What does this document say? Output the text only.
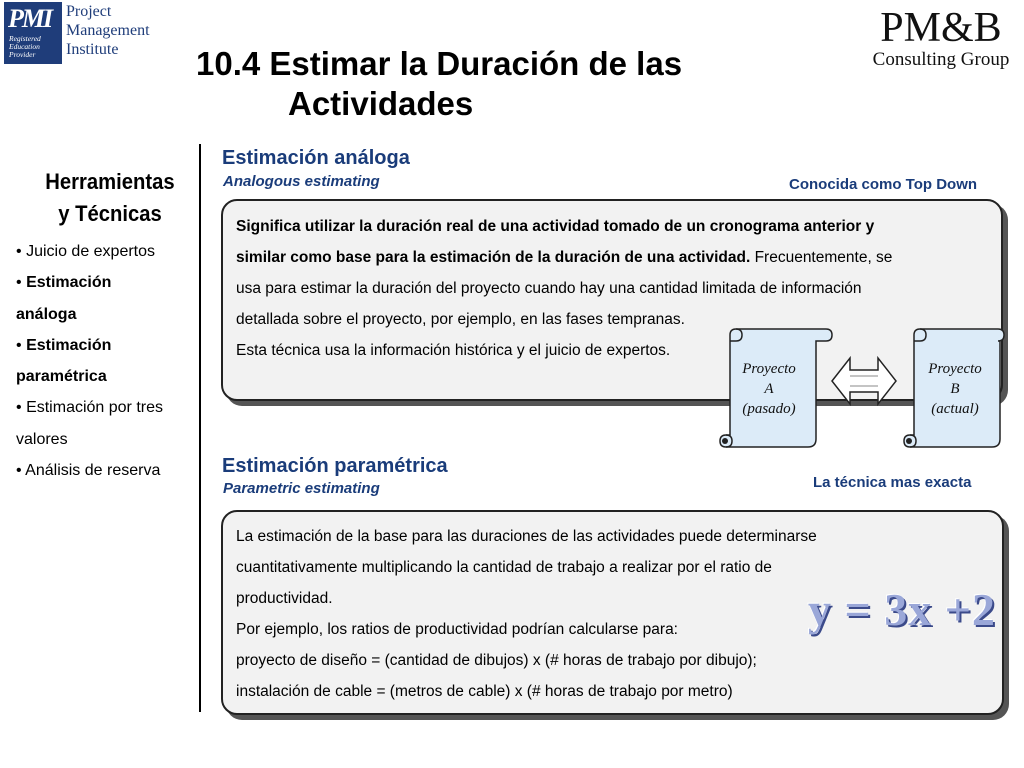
PMI
Registered
Education
Provider
Project
Management
Institute	PM&B
Consulting Group
10.4 Estimar la Duración de las
Actividades
Herramientas
y Técnicas
• Juicio de expertos
• Estimación
análoga
• Estimación
paramétrica
• Estimación por tres
valores
• Análisis de reserva
Estimación análoga
Analogous estimating	Conocida como Top Down

Significa utilizar la duración real de una actividad tomado de un cronograma anterior y

similar como base para la estimación de la duración de una actividad. Frecuentemente, se

usa para estimar la duración del proyecto cuando hay una cantidad limitada de información

detallada sobre el proyecto, por ejemplo, en las fases tempranas.

Esta técnica usa la información histórica y el juicio de expertos.

Proyecto
A
(pasado)
Proyecto
B
(actual)
Estimación paramétrica
Parametric estimating	La técnica mas exacta

La estimación de la base para las duraciones de las actividades puede determinarse

cuantitativamente multiplicando la cantidad de trabajo a realizar por el ratio de

productividad.

Por ejemplo, los ratios de productividad podrían calcularse para:

proyecto de diseño = (cantidad de dibujos) x (# horas de trabajo por dibujo);

instalación de cable = (metros de cable) x (# horas de trabajo por metro)

y = 3x +2
